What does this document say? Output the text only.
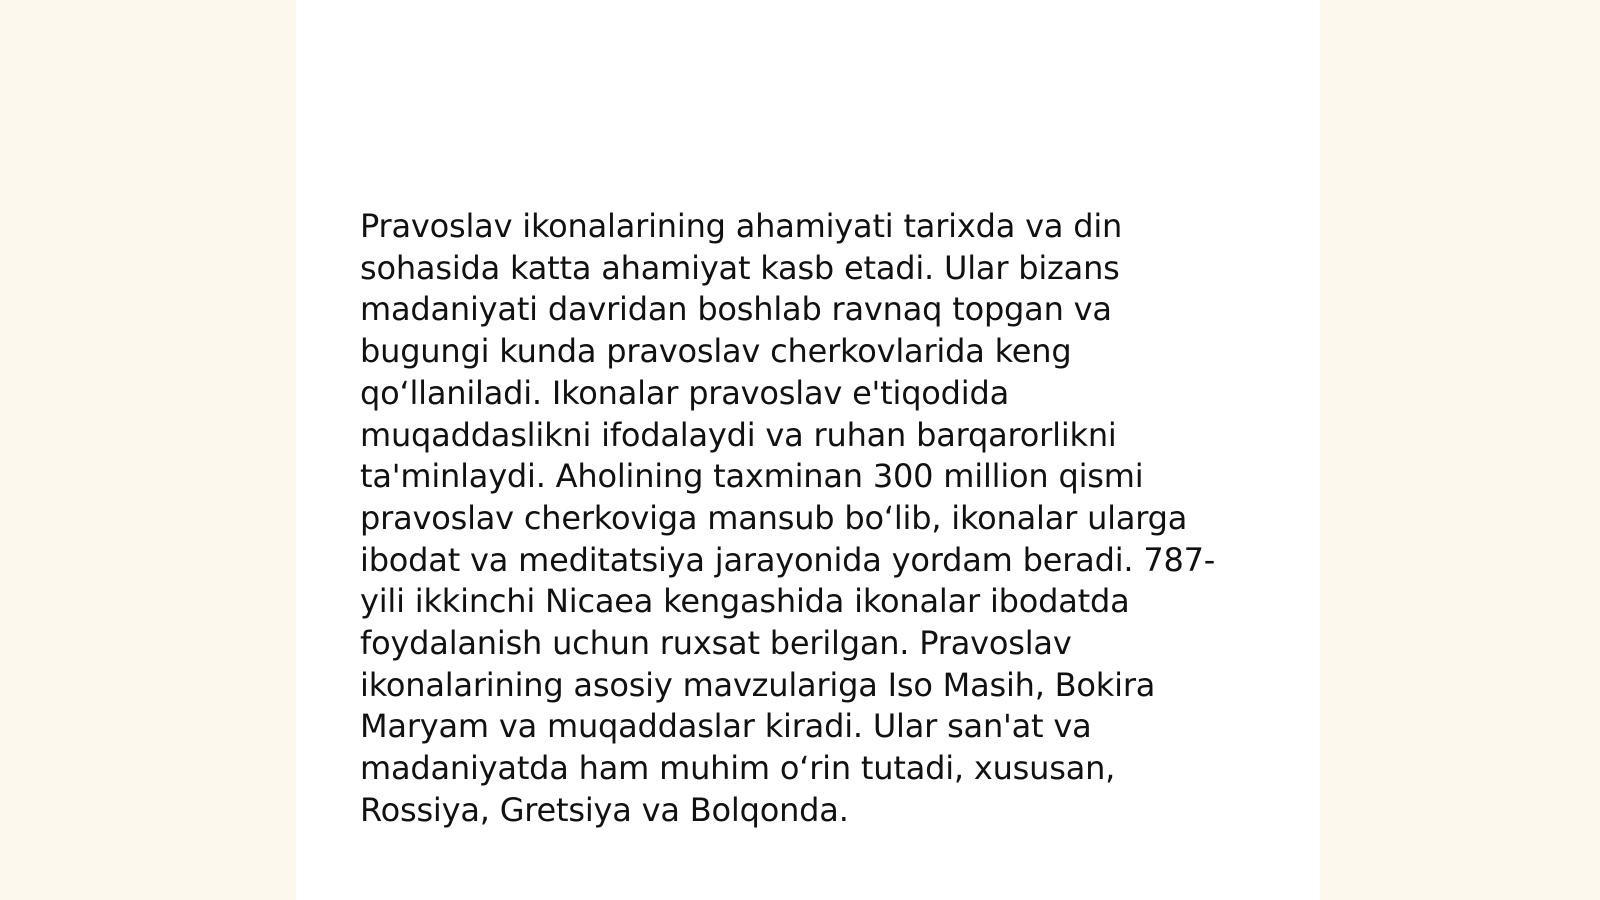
Pravoslav ikonalarining ahamiyati tarixda va din
sohasida katta ahamiyat kasb etadi. Ular bizans
madaniyati davridan boshlab ravnaq topgan va
bugungi kunda pravoslav cherkovlarida keng
qo‘llaniladi. Ikonalar pravoslav e'tiqodida
muqaddaslikni ifodalaydi va ruhan barqarorlikni
ta'minlaydi. Aholining taxminan 300 million qismi
pravoslav cherkoviga mansub bo‘lib, ikonalar ularga
ibodat va meditatsiya jarayonida yordam beradi. 787-
yili ikkinchi Nicaea kengashida ikonalar ibodatda
foydalanish uchun ruxsat berilgan. Pravoslav
ikonalarining asosiy mavzulariga Iso Masih, Bokira
Maryam va muqaddaslar kiradi. Ular san'at va
madaniyatda ham muhim o‘rin tutadi, xususan,
Rossiya, Gretsiya va Bolqonda.
